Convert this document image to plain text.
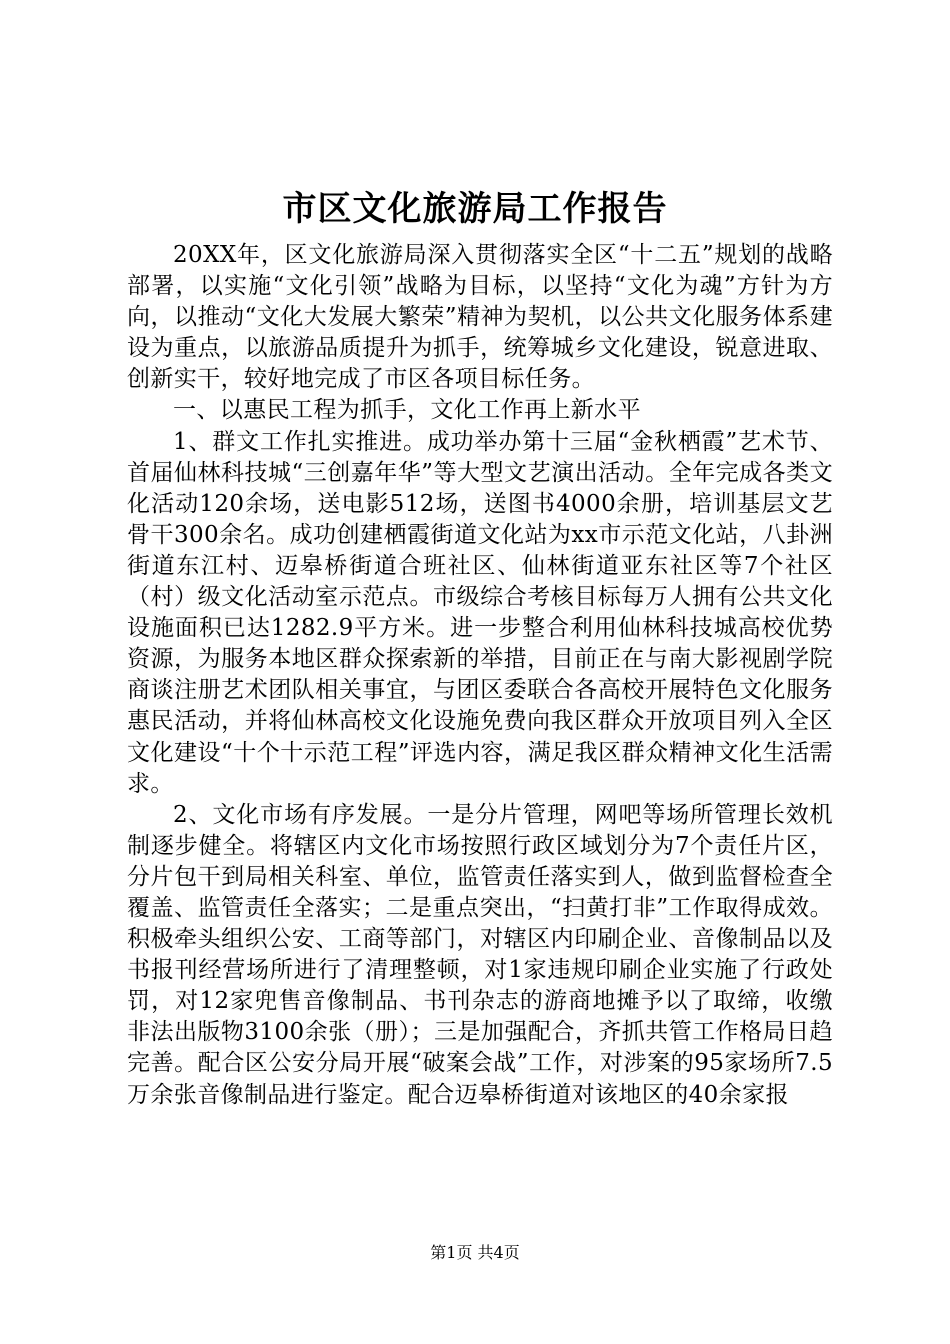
市区文化旅游局工作报告

20XX年，区文化旅游局深入贯彻落实全区“十二五”规划的战略部署，以实施“文化引领”战略为目标，以坚持“文化为魂”方针为方向，以推动“文化大发展大繁荣”精神为契机，以公共文化服务体系建设为重点，以旅游品质提升为抓手，统筹城乡文化建设，锐意进取、创新实干，较好地完成了市区各项目标任务。

一、以惠民工程为抓手，文化工作再上新水平

1、群文工作扎实推进。成功举办第十三届“金秋栖霞”艺术节、首届仙林科技城“三创嘉年华”等大型文艺演出活动。全年完成各类文化活动120余场，送电影512场，送图书4000余册，培训基层文艺骨干300余名。成功创建栖霞街道文化站为xx市示范文化站，八卦洲街道东江村、迈皋桥街道合班社区、仙林街道亚东社区等7个社区（村）级文化活动室示范点。市级综合考核目标每万人拥有公共文化设施面积已达1282.9平方米。进一步整合利用仙林科技城高校优势资源，为服务本地区群众探索新的举措，目前正在与南大影视剧学院商谈注册艺术团队相关事宜，与团区委联合各高校开展特色文化服务惠民活动，并将仙林高校文化设施免费向我区群众开放项目列入全区文化建设“十个十示范工程”评选内容，满足我区群众精神文化生活需求。

2、文化市场有序发展。一是分片管理，网吧等场所管理长效机制逐步健全。将辖区内文化市场按照行政区域划分为7个责任片区，分片包干到局相关科室、单位，监管责任落实到人，做到监督检查全覆盖、监管责任全落实；二是重点突出，“扫黄打非”工作取得成效。积极牵头组织公安、工商等部门，对辖区内印刷企业、音像制品以及书报刊经营场所进行了清理整顿，对1家违规印刷企业实施了行政处罚，对12家兜售音像制品、书刊杂志的游商地摊予以了取缔，收缴非法出版物3100余张（册）；三是加强配合，齐抓共管工作格局日趋完善。配合区公安分局开展“破案会战”工作，对涉案的95家场所7.5万余张音像制品进行鉴定。配合迈皋桥街道对该地区的40余家报

第1页 共4页
